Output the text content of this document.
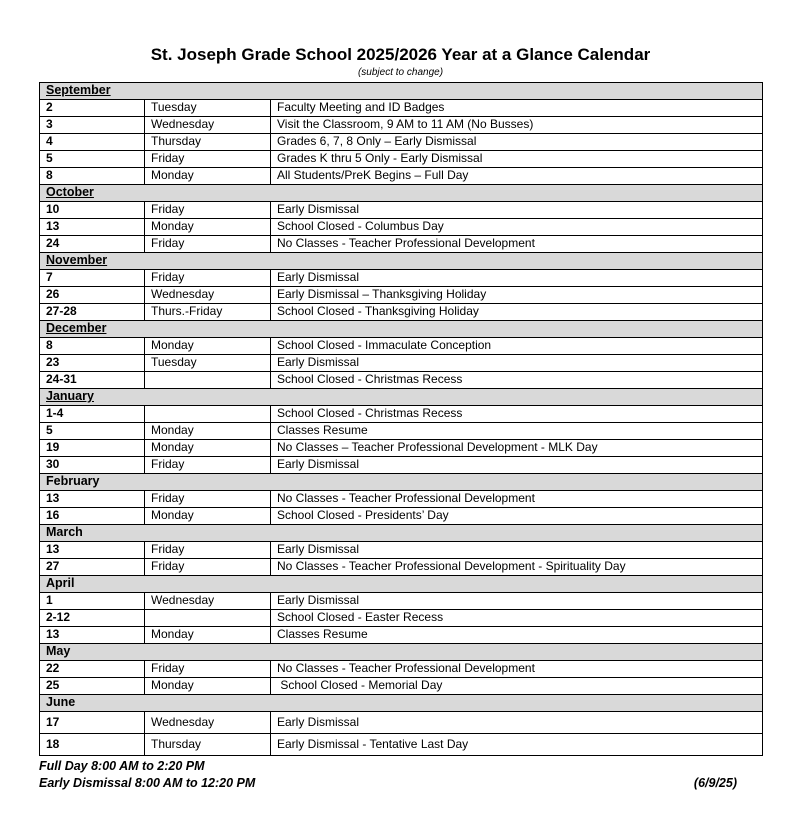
St. Joseph Grade School 2025/2026 Year at a Glance Calendar
(subject to change)
September		
2	Tuesday	Faculty Meeting and ID Badges
3	Wednesday	Visit the Classroom, 9 AM to 11 AM (No Busses)
4	Thursday	Grades 6, 7, 8 Only – Early Dismissal
5	Friday	Grades K thru 5 Only - Early Dismissal
8	Monday	All Students/PreK Begins – Full Day
October		
10	Friday	Early Dismissal
13	Monday	School Closed - Columbus Day
24	Friday	No Classes - Teacher Professional Development
November		
7	Friday	Early Dismissal
26	Wednesday	Early Dismissal – Thanksgiving Holiday
27-28	Thurs.-Friday	School Closed - Thanksgiving Holiday
December		
8	Monday	School Closed - Immaculate Conception
23	Tuesday	Early Dismissal
24-31		School Closed - Christmas Recess
January		
1-4		School Closed - Christmas Recess
5	Monday	Classes Resume
19	Monday	No Classes – Teacher Professional Development - MLK Day
30	Friday	Early Dismissal
February		
13	Friday	No Classes - Teacher Professional Development
16	Monday	School Closed - Presidents’ Day
March		
13	Friday	Early Dismissal
27	Friday	No Classes - Teacher Professional Development - Spirituality Day
April		
1	Wednesday	Early Dismissal
2-12		School Closed - Easter Recess
13	Monday	Classes Resume
May		
22	Friday	No Classes - Teacher Professional Development
25	Monday	School Closed - Memorial Day
June		
17	Wednesday	Early Dismissal
18	Thursday	Early Dismissal - Tentative Last Day
Full Day 8:00 AM to 2:20 PM
Early Dismissal 8:00 AM to 12:20 PM	(6/9/25)
